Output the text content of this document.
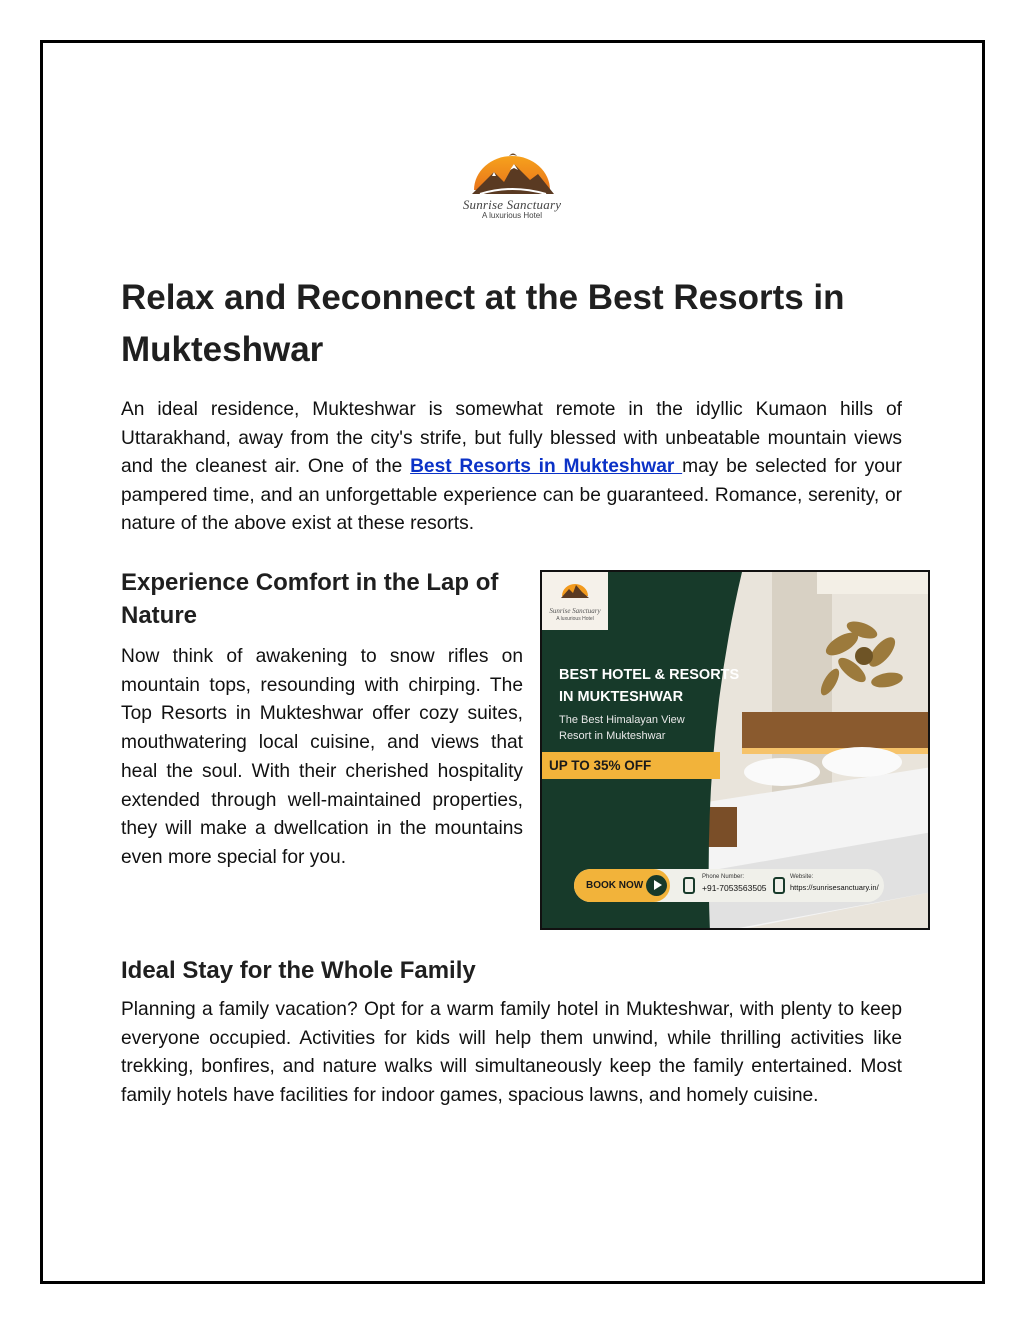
Sunrise Sanctuary
A luxurious Hotel
Relax and Reconnect at the Best Resorts in Mukteshwar

An ideal residence, Mukteshwar is somewhat remote in the idyllic Kumaon hills of Uttarakhand, away from the city's strife, but fully blessed with unbeatable mountain views and the cleanest air. One of the Best Resorts in Mukteshwar may be selected for your pampered time, and an unforgettable experience can be guaranteed. Romance, serenity, or nature of the above exist at these resorts.

Experience Comfort in the Lap of Nature

Now think of awakening to snow rifles on mountain tops, resounding with chirping. The Top Resorts in Mukteshwar offer cozy suites, mouthwatering local cuisine, and views that heal the soul. With their cherished hospitality extended through well-maintained properties, they will make a dwellcation in the mountains even more special for you.

Sunrise Sanctuary
A luxurious Hotel
BEST HOTEL & RESORTS
IN MUKTESHWAR
The Best Himalayan View
Resort in Mukteshwar
UP TO 35% OFF
BOOK NOW
Phone Number:
+91-7053563505
Website:
https://sunrisesanctuary.in/
Ideal Stay for the Whole Family

Planning a family vacation? Opt for a warm family hotel in Mukteshwar, with plenty to keep everyone occupied. Activities for kids will help them unwind, while thrilling activities like trekking, bonfires, and nature walks will simultaneously keep the family entertained. Most family hotels have facilities for indoor games, spacious lawns, and homely cuisine.
